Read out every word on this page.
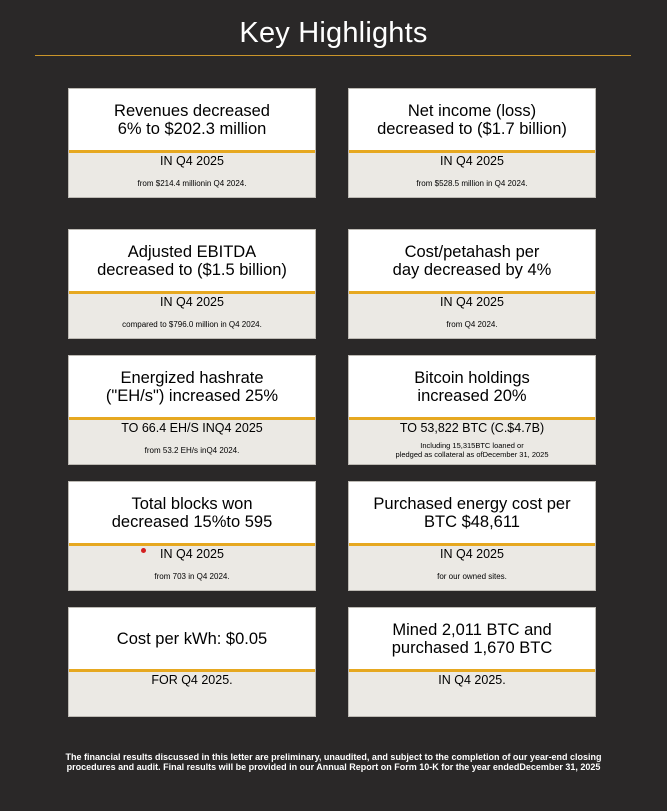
Key Highlights
Revenues decreased
6% to $202.3 million
IN Q4 2025
from $214.4 millionin Q4 2024.
Net income (loss)
decreased to ($1.7 billion)
IN Q4 2025
from $528.5 million in Q4 2024.
Adjusted EBITDA
decreased to ($1.5 billion)
IN Q4 2025
compared to $796.0 million in Q4 2024.
Cost/petahash per
day decreased by 4%
IN Q4 2025
from Q4 2024.
Energized hashrate
("EH/s") increased 25%
TO 66.4 EH/S INQ4 2025
from 53.2 EH/s inQ4 2024.
Bitcoin holdings
increased 20%
TO 53,822 BTC (C.$4.7B)
Including 15,315BTC loaned or
pledged as collateral as ofDecember 31, 2025
Total blocks won
decreased 15%to 595
IN Q4 2025
from 703 in Q4 2024.
Purchased energy cost per
BTC $48,611
IN Q4 2025
for our owned sites.
Cost per kWh: $0.05
FOR Q4 2025.
Mined 2,011 BTC and
purchased 1,670 BTC
IN Q4 2025.
The financial results discussed in this letter are preliminary, unaudited, and subject to the completion of our year-end closing
procedures and audit. Final results will be provided in our Annual Report on Form 10-K for the year endedDecember 31, 2025
